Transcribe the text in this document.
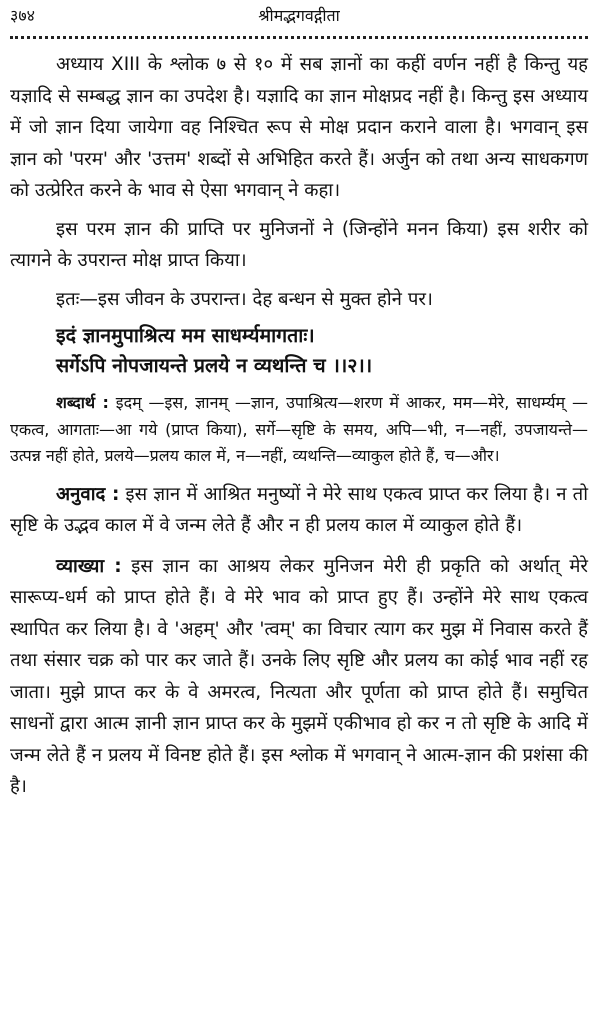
३७४	श्रीमद्भगवद्गीता

अध्याय XIII के श्लोक ७ से १० में सब ज्ञानों का कहीं वर्णन नहीं है किन्तु यह यज्ञादि से सम्बद्ध ज्ञान का उपदेश है। यज्ञादि का ज्ञान मोक्षप्रद नहीं है। किन्तु इस अध्याय में जो ज्ञान दिया जायेगा वह निश्चित रूप से मोक्ष प्रदान कराने वाला है। भगवान् इस ज्ञान को 'परम' और 'उत्तम' शब्दों से अभिहित करते हैं। अर्जुन को तथा अन्य साधकगण को उत्प्रेरित करने के भाव से ऐसा भगवान् ने कहा।

इस परम ज्ञान की प्राप्ति पर मुनिजनों ने (जिन्होंने मनन किया) इस शरीर को त्यागने के उपरान्त मोक्ष प्राप्त किया।

इतः—इस जीवन के उपरान्त। देह बन्धन से मुक्त होने पर।

इदं ज्ञानमुपाश्रित्य मम साधर्म्यमागताः।
सर्गेऽपि नोपजायन्ते प्रलये न व्यथन्ति च ।।२।।

शब्दार्थ : इदम् —इस, ज्ञानम् —ज्ञान, उपाश्रित्य—शरण में आकर, मम—मेरे, साधर्म्यम् —एकत्व, आगताः—आ गये (प्राप्त किया), सर्गे—सृष्टि के समय, अपि—भी, न—नहीं, उपजायन्ते—उत्पन्न नहीं होते, प्रलये—प्रलय काल में, न—नहीं, व्यथन्ति—व्याकुल होते हैं, च—और।

अनुवाद : इस ज्ञान में आश्रित मनुष्यों ने मेरे साथ एकत्व प्राप्त कर लिया है। न तो सृष्टि के उद्भव काल में वे जन्म लेते हैं और न ही प्रलय काल में व्याकुल होते हैं।

व्याख्या : इस ज्ञान का आश्रय लेकर मुनिजन मेरी ही प्रकृति को अर्थात् मेरे सारूप्य-धर्म को प्राप्त होते हैं। वे मेरे भाव को प्राप्त हुए हैं। उन्होंने मेरे साथ एकत्व स्थापित कर लिया है। वे 'अहम्' और 'त्वम्' का विचार त्याग कर मुझ में निवास करते हैं तथा संसार चक्र को पार कर जाते हैं। उनके लिए सृष्टि और प्रलय का कोई भाव नहीं रह जाता। मुझे प्राप्त कर के वे अमरत्व, नित्यता और पूर्णता को प्राप्त होते हैं। समुचित साधनों द्वारा आत्म ज्ञानी ज्ञान प्राप्त कर के मुझमें एकीभाव हो कर न तो सृष्टि के आदि में जन्म लेते हैं न प्रलय में विनष्ट होते हैं। इस श्लोक में भगवान् ने आत्म-ज्ञान की प्रशंसा की है।
